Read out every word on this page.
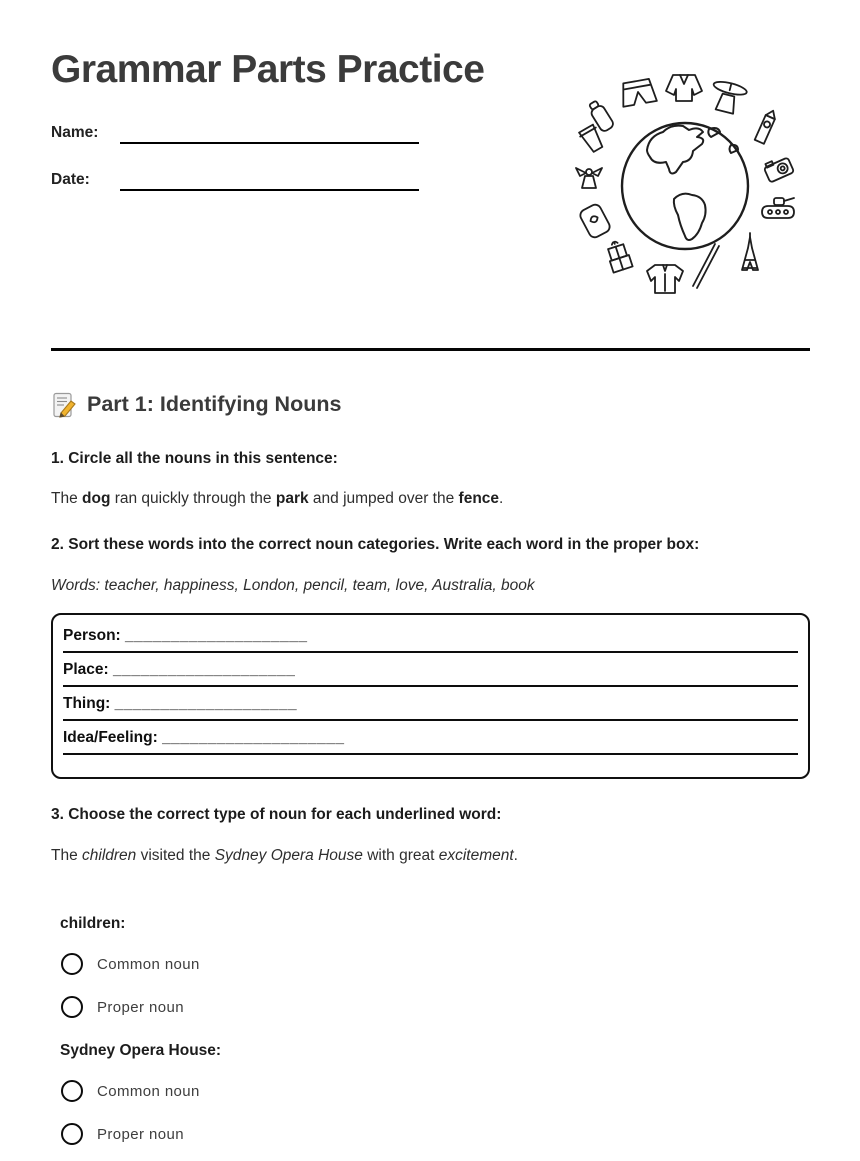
Grammar Parts Practice
Name:
Date:
Part 1: Identifying Nouns

1. Circle all the nouns in this sentence:

The dog ran quickly through the park and jumped over the fence.

2. Sort these words into the correct noun categories. Write each word in the proper box:

Words: teacher, happiness, London, pencil, team, love, Australia, book

Person: ____________________
Place: ____________________
Thing: ____________________
Idea/Feeling: ____________________

3. Choose the correct type of noun for each underlined word:

The children visited the Sydney Opera House with great excitement.

children:
Common noun
Proper noun
Sydney Opera House:
Common noun
Proper noun
